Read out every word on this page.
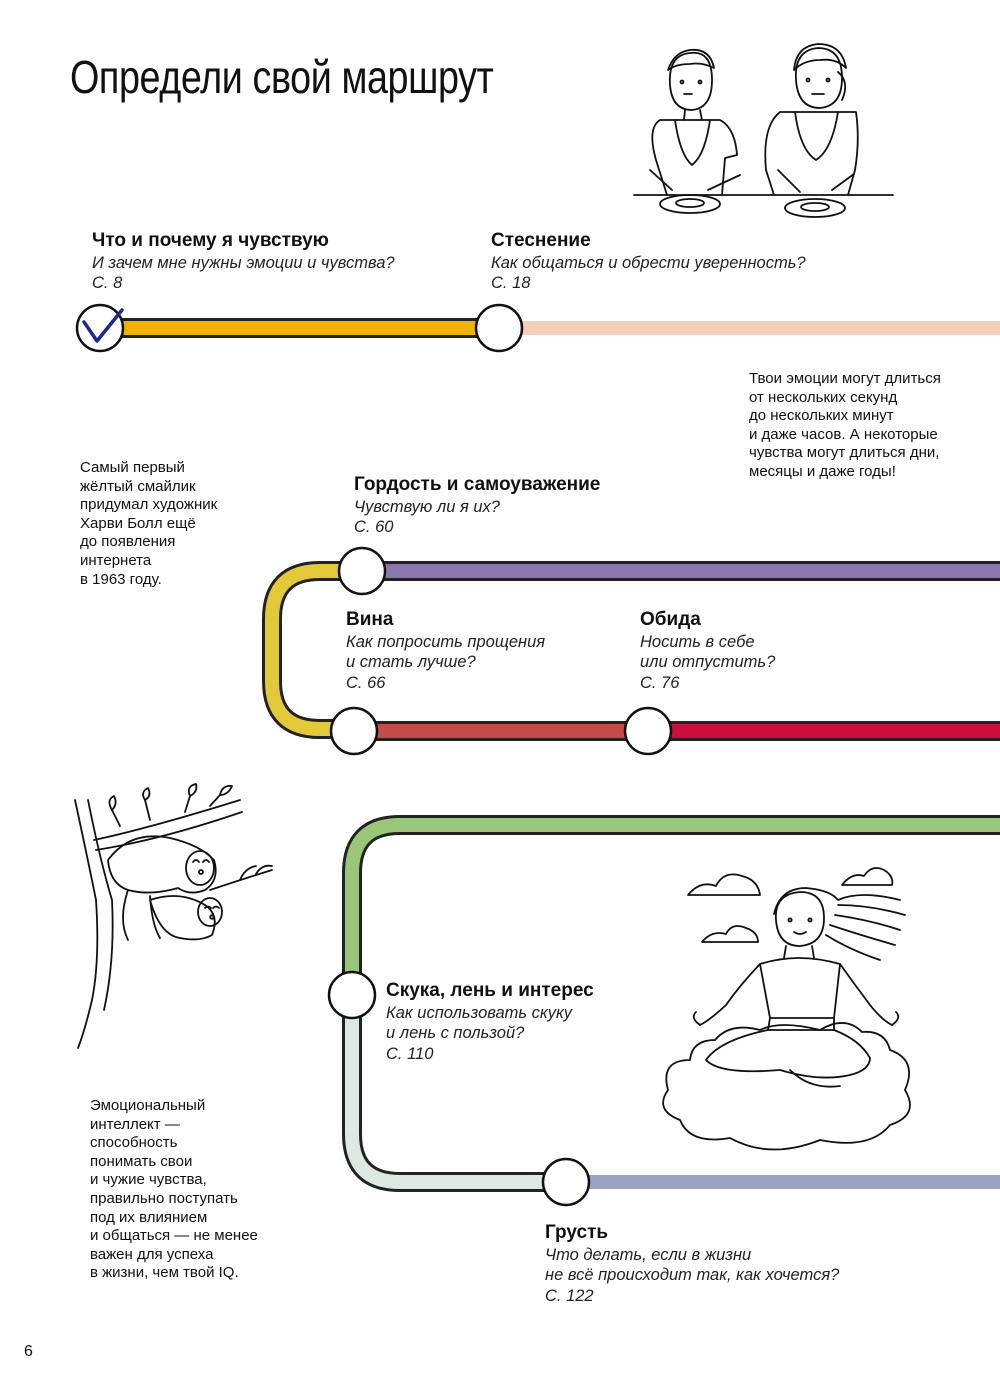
Определи свой маршрут
Что и почему я чувствую
И зачем мне нужны эмоции и чувства?
С. 8
Стеснение
Как общаться и обрести уверенность?
С. 18
Гордость и самоуважение
Чувствую ли я их?
С. 60
Вина
Как попросить прощения
и стать лучше?
С. 66
Обида
Носить в себе
или отпустить?
С. 76
Скука, лень и интерес
Как использовать скуку
и лень с пользой?
С. 110
Грусть
Что делать, если в жизни
не всё происходит так, как хочется?
С. 122
Твои эмоции могут длиться
от нескольких секунд
до нескольких минут
и даже часов. А некоторые
чувства могут длиться дни,
месяцы и даже годы!
Самый первый
жёлтый смайлик
придумал художник
Харви Болл ещё
до появления
интернета
в 1963 году.
Эмоциональный
интеллект —
способность
понимать свои
и чужие чувства,
правильно поступать
под их влиянием
и общаться — не менее
важен для успеха
в жизни, чем твой IQ.
6
